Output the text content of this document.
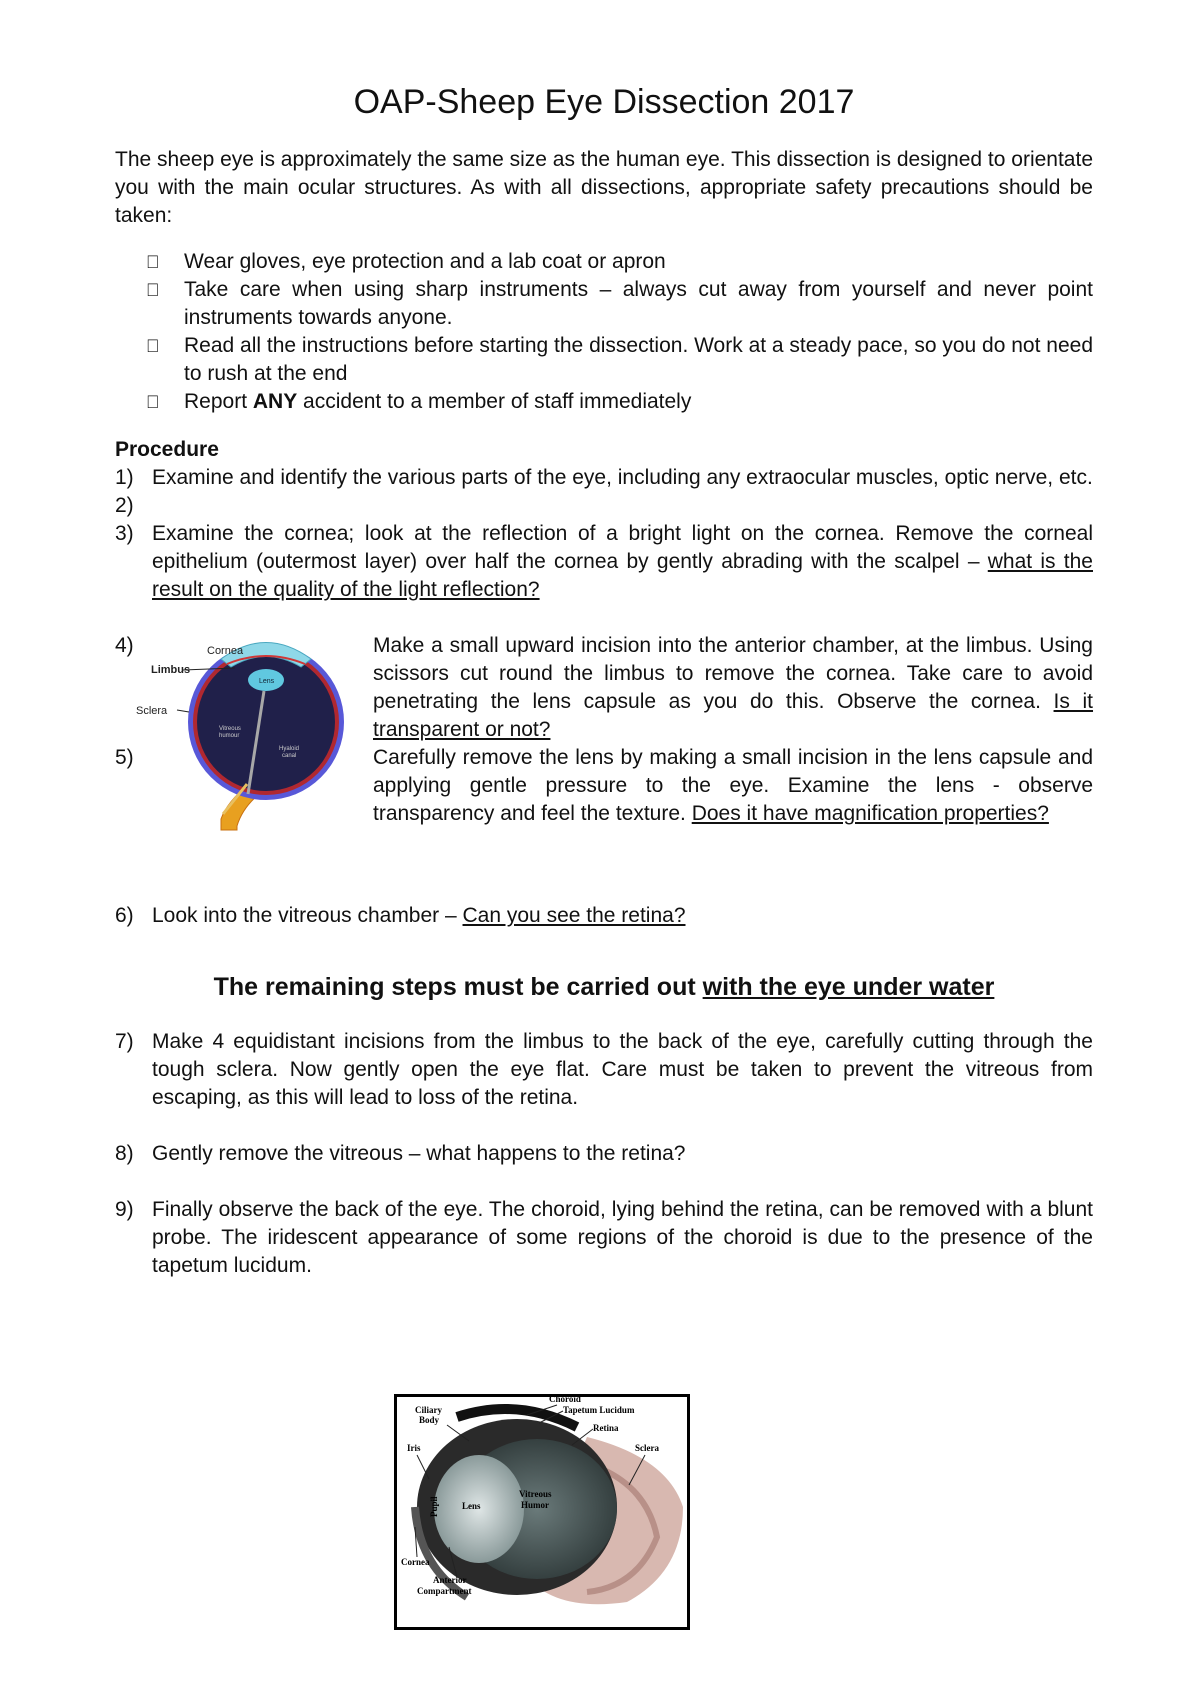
OAP-Sheep Eye Dissection 2017

The sheep eye is approximately the same size as the human eye. This dissection is designed to orientate you with the main ocular structures. As with all dissections, appropriate safety precautions should be taken:

Wear gloves, eye protection and a lab coat or apron
Take care when using sharp instruments – always cut away from yourself and never point instruments towards anyone.
Read all the instructions before starting the dissection. Work at a steady pace, so you do not need to rush at the end
Report ANY accident to a member of staff immediately
Procedure
1) Examine and identify the various parts of the eye, including any extraocular muscles, optic nerve, etc.
2)

3) Examine the cornea; look at the reflection of a bright light on the cornea. Remove the corneal epithelium (outermost layer) over half the cornea by gently abrading with the scalpel – what is the result on the quality of the light reflection?
4)
5)
Cornea
Limbus
Sclera
Lens
Vitreous
humour
Hyaloid
canal

Make a small upward incision into the anterior chamber, at the limbus. Using scissors cut round the limbus to remove the cornea. Take care to avoid penetrating the lens capsule as you do this. Observe the cornea. Is it transparent or not?

Carefully remove the lens by making a small incision in the lens capsule and applying gentle pressure to the eye. Examine the lens - observe transparency and feel the texture. Does it have magnification properties?

6) Look into the vitreous chamber – Can you see the retina?
The remaining steps must be carried out with the eye under water
7) Make 4 equidistant incisions from the limbus to the back of the eye, carefully cutting through the tough sclera. Now gently open the eye flat. Care must be taken to prevent the vitreous from escaping, as this will lead to loss of the retina.
8) Gently remove the vitreous – what happens to the retina?
9) Finally observe the back of the eye. The choroid, lying behind the retina, can be removed with a blunt probe. The iridescent appearance of some regions of the choroid is due to the presence of the tapetum lucidum.
Ciliary
Body
Choroid
Tapetum Lucidum
Retina
Iris	Sclera
Pupil	Lens
Vitreous
Humor
Cornea
Anterior
Compartment
